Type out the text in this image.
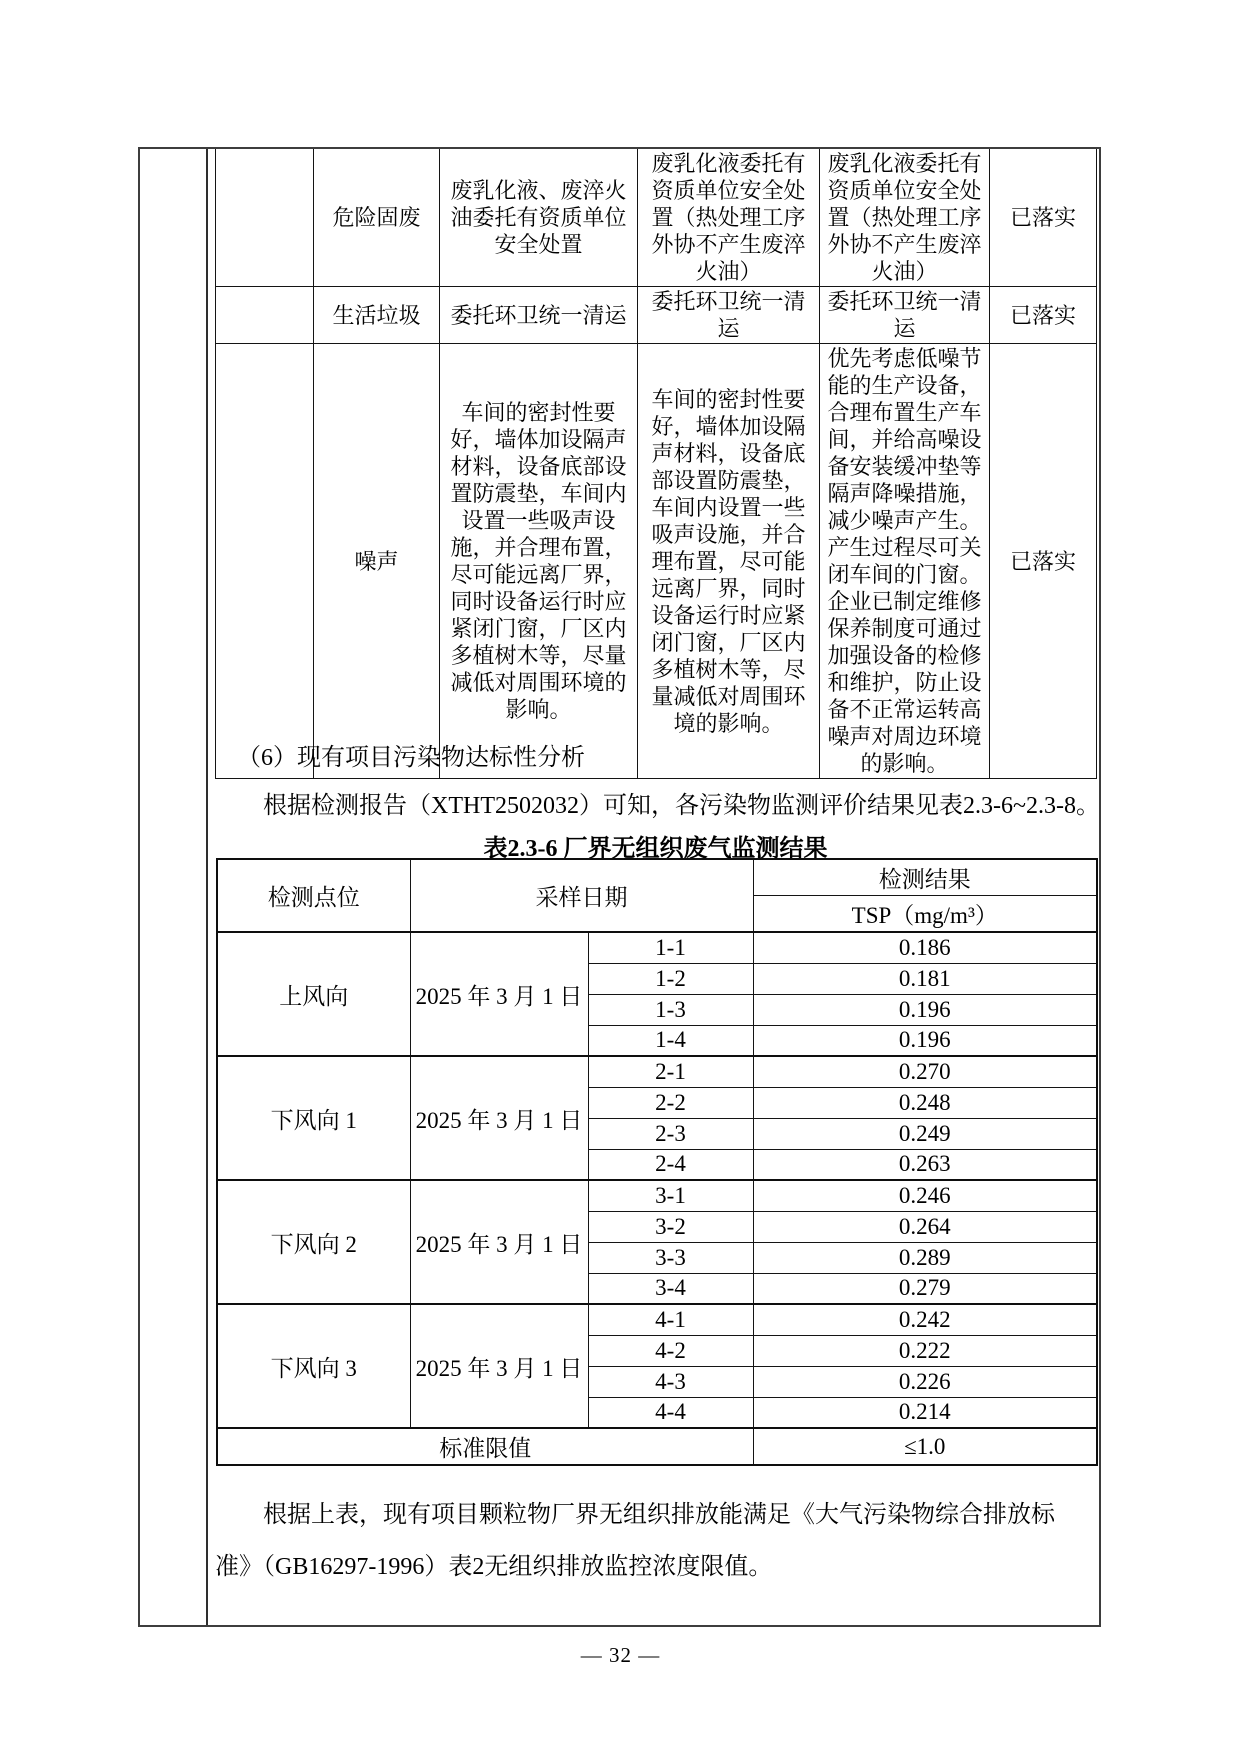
	危险固废	废乳化液、废淬火油委托有资质单位安全处置	废乳化液委托有资质单位安全处置（热处理工序外协不产生废淬火油）	废乳化液委托有资质单位安全处置（热处理工序外协不产生废淬火油）	已落实
	生活垃圾	委托环卫统一清运	委托环卫统一清运	委托环卫统一清运	已落实
	噪声	车间的密封性要好，墙体加设隔声材料，设备底部设置防震垫，车间内设置一些吸声设施，并合理布置，尽可能远离厂界，同时设备运行时应紧闭门窗，厂区内多植树木等，尽量减低对周围环境的影响。	车间的密封性要好，墙体加设隔声材料，设备底部设置防震垫，车间内设置一些吸声设施，并合理布置，尽可能远离厂界，同时设备运行时应紧闭门窗，厂区内多植树木等，尽量减低对周围环境的影响。	优先考虑低噪节能的生产设备，合理布置生产车间，并给高噪设备安装缓冲垫等隔声降噪措施，减少噪声产生。产生过程尽可关闭车间的门窗。企业已制定维修保养制度可通过加强设备的检修和维护，防止设备不正常运转高噪声对周边环境的影响。	已落实
（6）现有项目污染物达标性分析
根据检测报告（XTHT2502032）可知，各污染物监测评价结果见表2.3-6~2.3-8。
表2.3-6 厂界无组织废气监测结果
检测点位	采样日期		检测结果
			TSP（mg/m³）
上风向	2025 年 3 月 1 日	1-1	0.186
		1-2	0.181
		1-3	0.196
		1-4	0.196
下风向 1	2025 年 3 月 1 日	2-1	0.270
		2-2	0.248
		2-3	0.249
		2-4	0.263
下风向 2	2025 年 3 月 1 日	3-1	0.246
		3-2	0.264
		3-3	0.289
		3-4	0.279
下风向 3	2025 年 3 月 1 日	4-1	0.242
		4-2	0.222
		4-3	0.226
		4-4	0.214
标准限值			≤1.0
根据上表，现有项目颗粒物厂界无组织排放能满足《大气污染物综合排放标
准》（GB16297-1996）表2无组织排放监控浓度限值。
— 32 —
